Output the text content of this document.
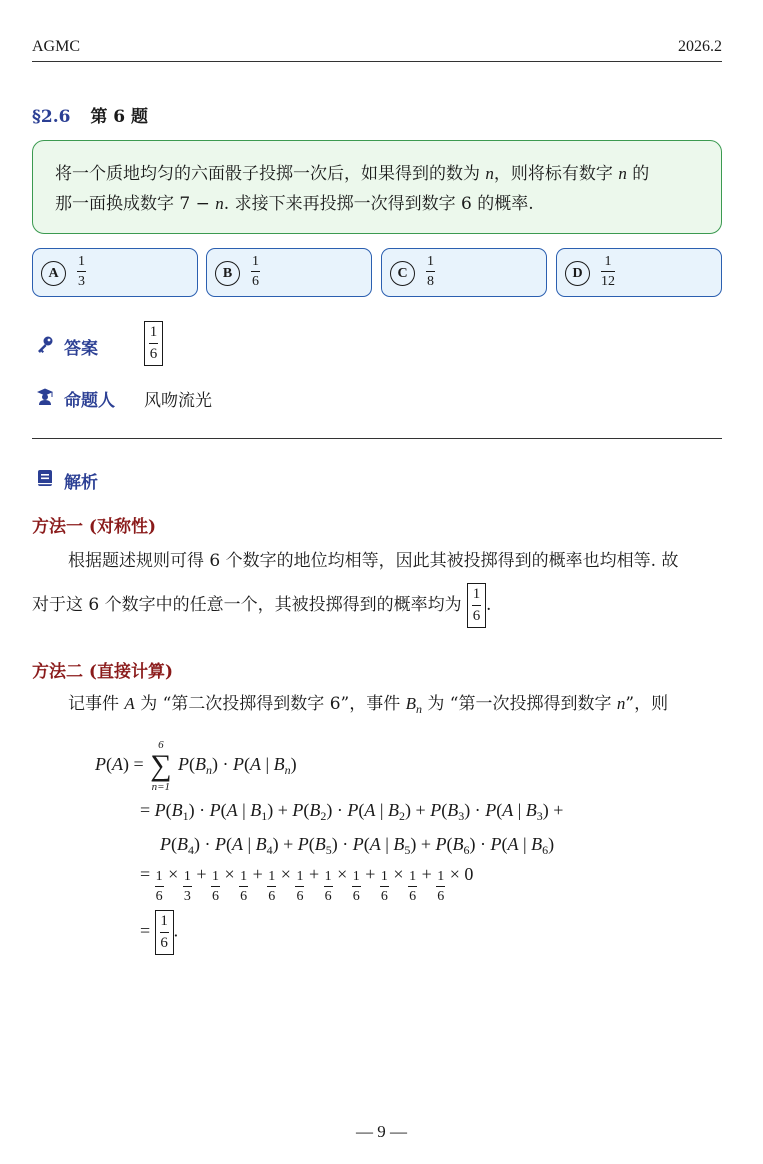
AGMC	2026.2
§2.6 第 6 题
将一个质地均匀的六面骰子投掷一次后，如果得到的数为 n，则将标有数字 n 的
那一面换成数字 7 − n. 求接下来再投掷一次得到数字 6 的概率.
A
1
3
B
1
6
C
1
8
D
1
12
答案	$\frac{1}{6}$
命题人 风吻流光
解析
方法一 (对称性)
根据题述规则可得 6 个数字的地位均相等，因此其被投掷得到的概率也均相等. 故
对于这 6 个数字中的任意一个，其被投掷得到的概率均为 $\frac{1}{6}$ .
方法二 (直接计算)
记事件 A 为 “第二次投掷得到数字 6”，事件 $B_n$ 为 “第一次投掷得到数字 n”，则
P(A) =
6
∑
n=1
$P(B_n) \cdot P(A$ | $B_n$)
= $P(B_1) \cdot P(A$ | $B_1) + P(B_2) \cdot P(A$ | $B_2) + P(B_3) \cdot P(A$ | $B_3$) +
$P(B_4) \cdot P(A$ | $B_4) + P(B_5) \cdot P(A$ | $B_5) + P(B_6) \cdot P(A$ | $B_6$)
= $\frac{1}{6} \times \frac{1}{3} + \frac{1}{6} \times \frac{1}{6} + \frac{1}{6} \times \frac{1}{6} + \frac{1}{6} \times \frac{1}{6} + \frac{1}{6} \times \frac{1}{6} + \frac{1}{6} \times 0$
= $\frac{1}{6}$ .
— 9 —
